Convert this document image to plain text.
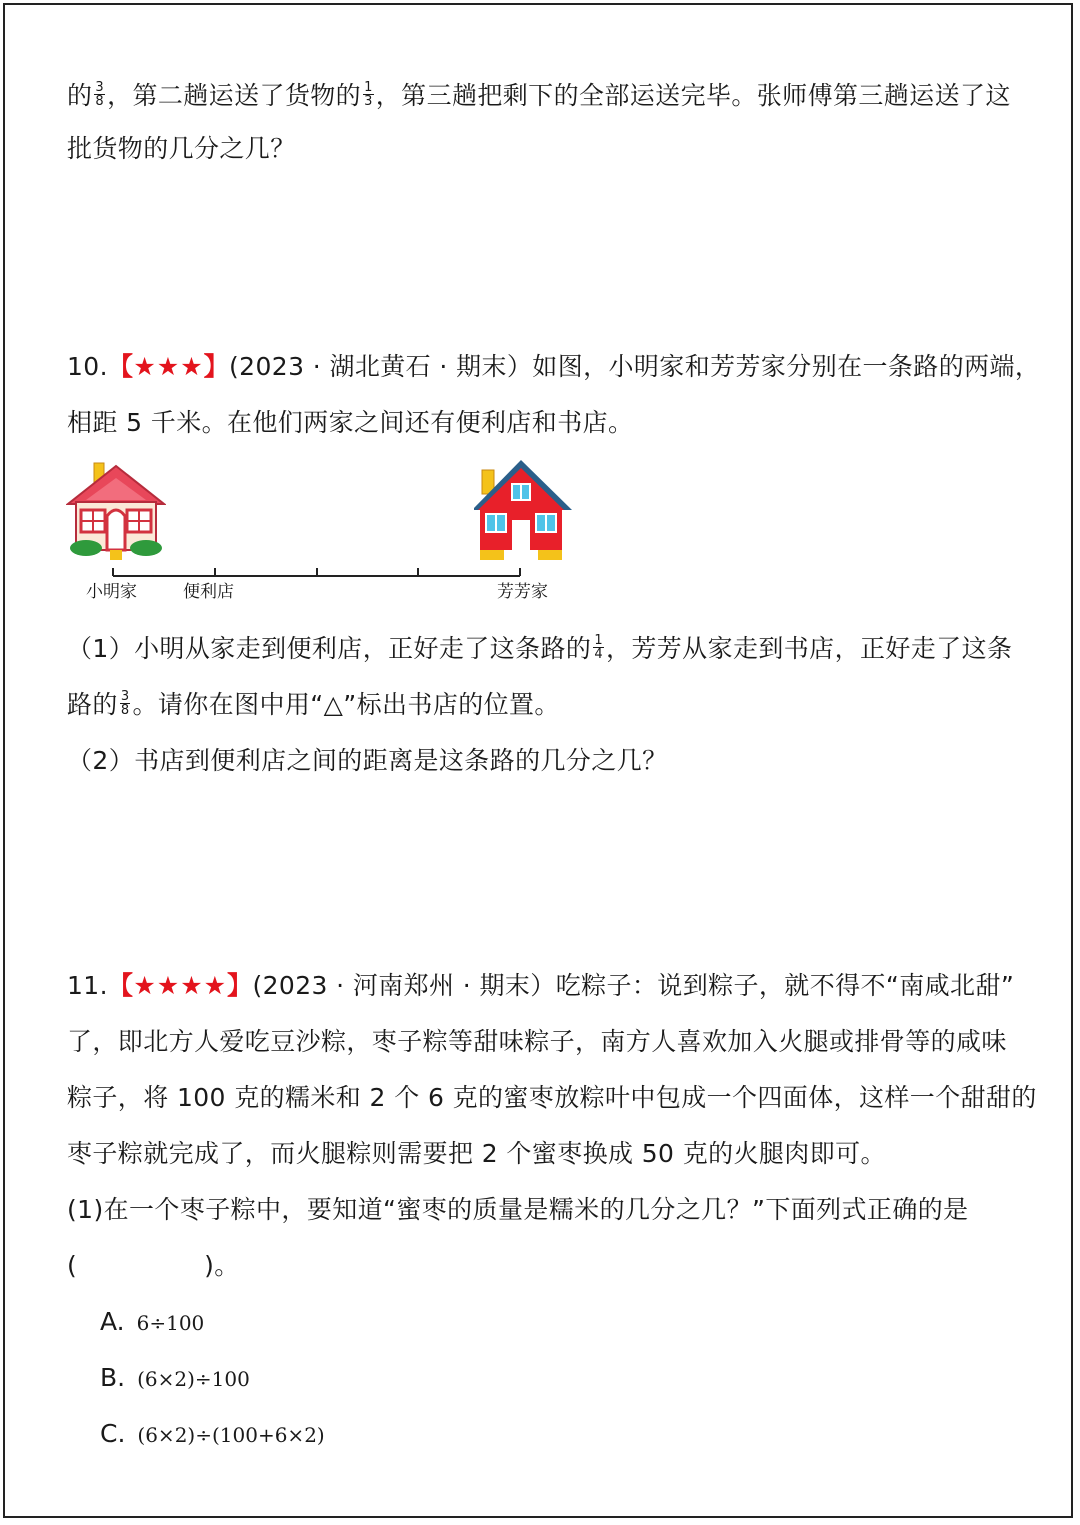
的 $\frac{3}{8}$ ，第二趟运送了货物的 $\frac{1}{3}$ ，第三趟把剩下的全部运送完毕。张师傅第三趟运送了这
批货物的几分之几？
10.【★★★】(2023 · 湖北黄石 · 期末）如图，小明家和芳芳家分别在一条路的两端，
相距 5 千米。在他们两家之间还有便利店和书店。
小明家	便利店	芳芳家
（1）小明从家走到便利店，正好走了这条路的 $\frac{1}{4}$ ，芳芳从家走到书店，正好走了这条
路的 $\frac{3}{8}$ 。请你在图中用“△”标出书店的位置。
（2）书店到便利店之间的距离是这条路的几分之几？
11.【★★★★】(2023 · 河南郑州 · 期末）吃粽子：说到粽子，就不得不“南咸北甜”
了，即北方人爱吃豆沙粽，枣子粽等甜味粽子，南方人喜欢加入火腿或排骨等的咸味
粽子，将 100 克的糯米和 2 个 6 克的蜜枣放粽叶中包成一个四面体，这样一个甜甜的
枣子粽就完成了，而火腿粽则需要把 2 个蜜枣换成 50 克的火腿肉即可。
(1)在一个枣子粽中，要知道“蜜枣的质量是糯米的几分之几？”下面列式正确的是
(　　　　　)。
A. 6÷100
B. (6×2)÷100
C. (6×2)÷(100+6×2)
